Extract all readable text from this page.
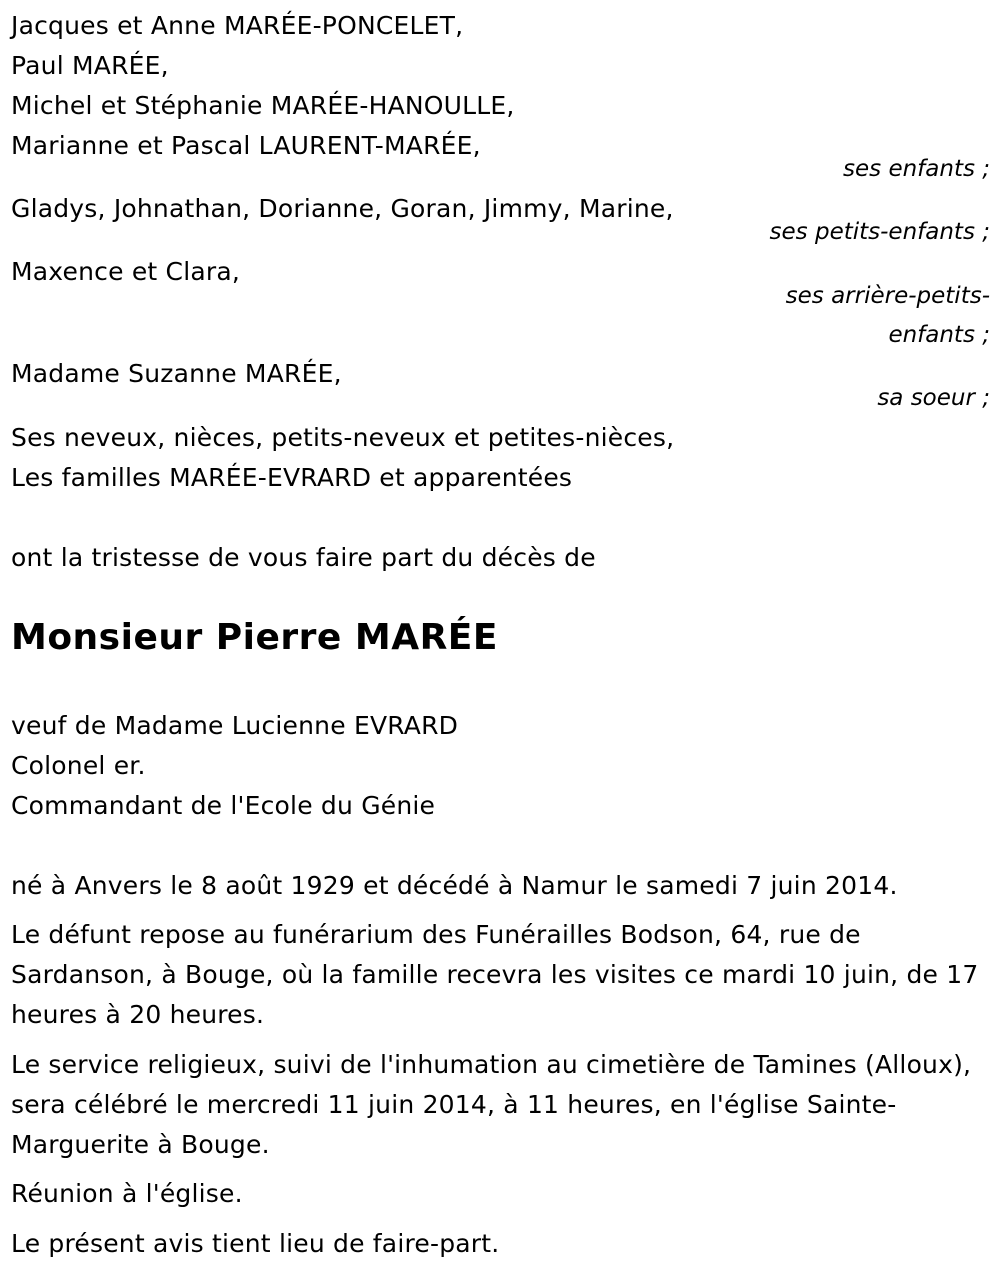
Jacques et Anne MARÉE-PONCELET,
Paul MARÉE,
Michel et Stéphanie MARÉE-HANOULLE,
Marianne et Pascal LAURENT-MARÉE,
ses enfants ;
Gladys, Johnathan, Dorianne, Goran, Jimmy, Marine,
ses petits-enfants ;
Maxence et Clara,
ses arrière-petits-
enfants ;
Madame Suzanne MARÉE,
sa soeur ;
Ses neveux, nièces, petits-neveux et petites-nièces,
Les familles MARÉE-EVRARD et apparentées
ont la tristesse de vous faire part du décès de
Monsieur Pierre MARÉE
veuf de Madame Lucienne EVRARD
Colonel er.
Commandant de l'Ecole du Génie
né à Anvers le 8 août 1929 et décédé à Namur le samedi 7 juin 2014.
Le défunt repose au funérarium des Funérailles Bodson, 64, rue de Sardanson, à Bouge, où la famille recevra les visites ce mardi 10 juin, de 17 heures à 20 heures.
Le service religieux, suivi de l'inhumation au cimetière de Tamines (Alloux), sera célébré le mercredi 11 juin 2014, à 11 heures, en l'église Sainte-Marguerite à Bouge.
Réunion à l'église.
Le présent avis tient lieu de faire-part.
